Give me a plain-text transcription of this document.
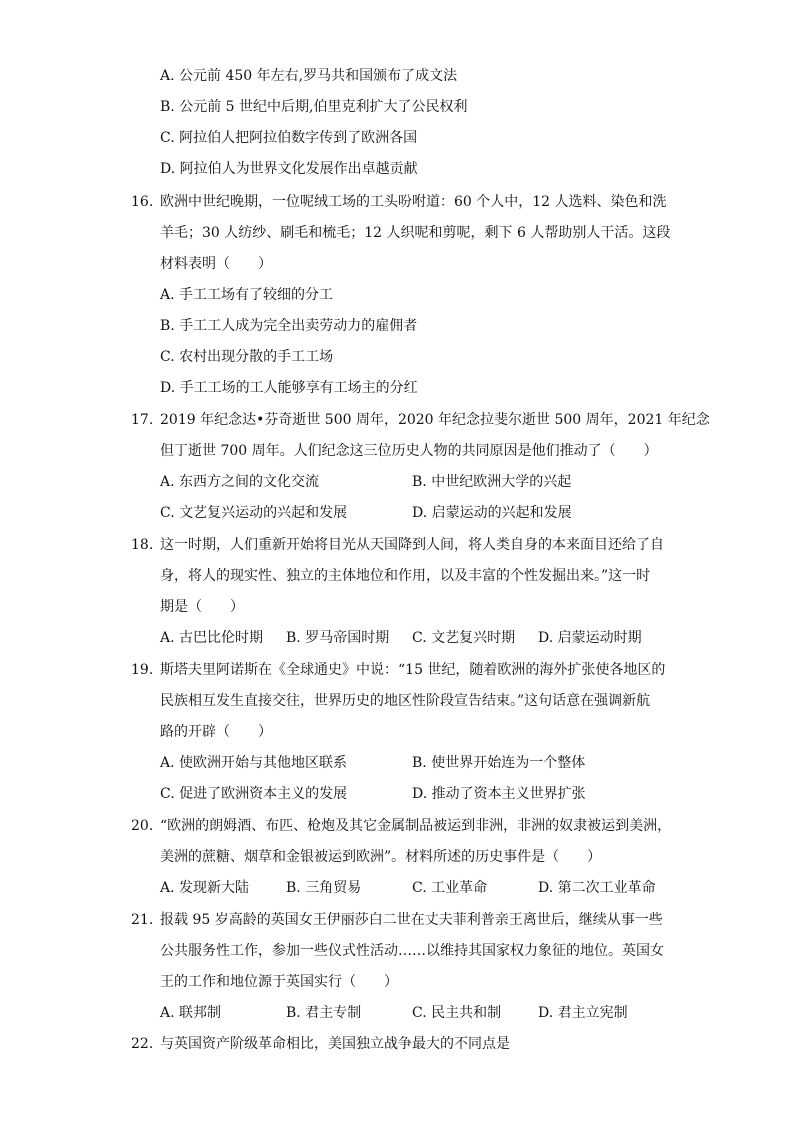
A. 公元前 450 年左右,罗马共和国颁布了成文法
B. 公元前 5 世纪中后期,伯里克利扩大了公民权利
C. 阿拉伯人把阿拉伯数字传到了欧洲各国
D. 阿拉伯人为世界文化发展作出卓越贡献
16. 欧洲中世纪晚期，一位呢绒工场的工头吩咐道：60 个人中，12 人选料、染色和洗
羊毛；30 人纺纱、刷毛和梳毛；12 人织呢和剪呢，剩下 6 人帮助别人干活。这段
材料表明（　　）
A. 手工工场有了较细的分工
B. 手工工人成为完全出卖劳动力的雇佣者
C. 农村出现分散的手工工场
D. 手工工场的工人能够享有工场主的分红
17. 2019 年纪念达•芬奇逝世 500 周年，2020 年纪念拉斐尔逝世 500 周年，2021 年纪念
但丁逝世 700 周年。人们纪念这三位历史人物的共同原因是他们推动了（　　）
A. 东西方之间的文化交流	B. 中世纪欧洲大学的兴起
C. 文艺复兴运动的兴起和发展	D. 启蒙运动的兴起和发展
18. 这一时期，人们重新开始将目光从天国降到人间，将人类自身的本来面目还给了自
身，将人的现实性、独立的主体地位和作用，以及丰富的个性发掘出来。”这一时
期是（　　）
A. 古巴比伦时期 B. 罗马帝国时期 C. 文艺复兴时期 D. 启蒙运动时期
19. 斯塔夫里阿诺斯在《全球通史》中说：“15 世纪，随着欧洲的海外扩张使各地区的
民族相互发生直接交往，世界历史的地区性阶段宣告结束。”这句话意在强调新航
路的开辟（　　）
A. 使欧洲开始与其他地区联系	B. 使世界开始连为一个整体
C. 促进了欧洲资本主义的发展	D. 推动了资本主义世界扩张
20. “欧洲的朗姆酒、布匹、枪炮及其它金属制品被运到非洲，非洲的奴隶被运到美洲，
美洲的蔗糖、烟草和金银被运到欧洲”。材料所述的历史事件是（　　）
A. 发现新大陆	B. 三角贸易	C. 工业革命	D. 第二次工业革命
21. 报载 95 岁高龄的英国女王伊丽莎白二世在丈夫菲利普亲王离世后，继续从事一些
公共服务性工作，参加一些仪式性活动……以维持其国家权力象征的地位。英国女
王的工作和地位源于英国实行（　　）
A. 联邦制	B. 君主专制	C. 民主共和制	D. 君主立宪制
22. 与英国资产阶级革命相比，美国独立战争最大的不同点是
